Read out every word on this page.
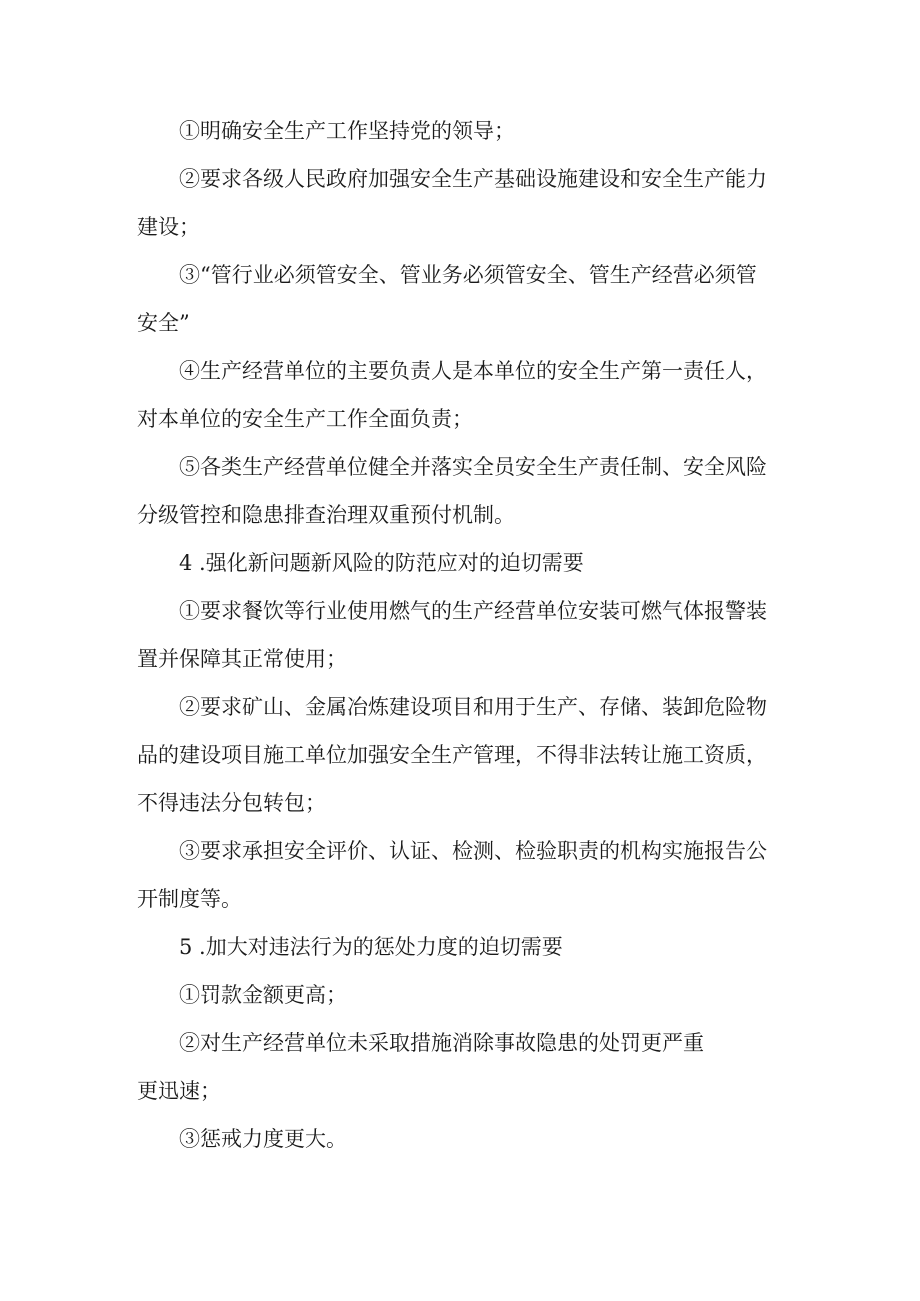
①明确安全生产工作坚持党的领导；
②要求各级人民政府加强安全生产基础设施建设和安全生产能力
建设；
③“管行业必须管安全、管业务必须管安全、管生产经营必须管
安全”
④生产经营单位的主要负责人是本单位的安全生产第一责任人，
对本单位的安全生产工作全面负责；
⑤各类生产经营单位健全并落实全员安全生产责任制、安全风险
分级管控和隐患排查治理双重预付机制。
4 .强化新问题新风险的防范应对的迫切需要
①要求餐饮等行业使用燃气的生产经营单位安装可燃气体报警装
置并保障其正常使用；
②要求矿山、金属冶炼建设项目和用于生产、存储、装卸危险物
品的建设项目施工单位加强安全生产管理，不得非法转让施工资质，
不得违法分包转包；
③要求承担安全评价、认证、检测、检验职责的机构实施报告公
开制度等。
5 .加大对违法行为的惩处力度的迫切需要
①罚款金额更高；
②对生产经营单位未采取措施消除事故隐患的处罚更严重
更迅速；
③惩戒力度更大。
